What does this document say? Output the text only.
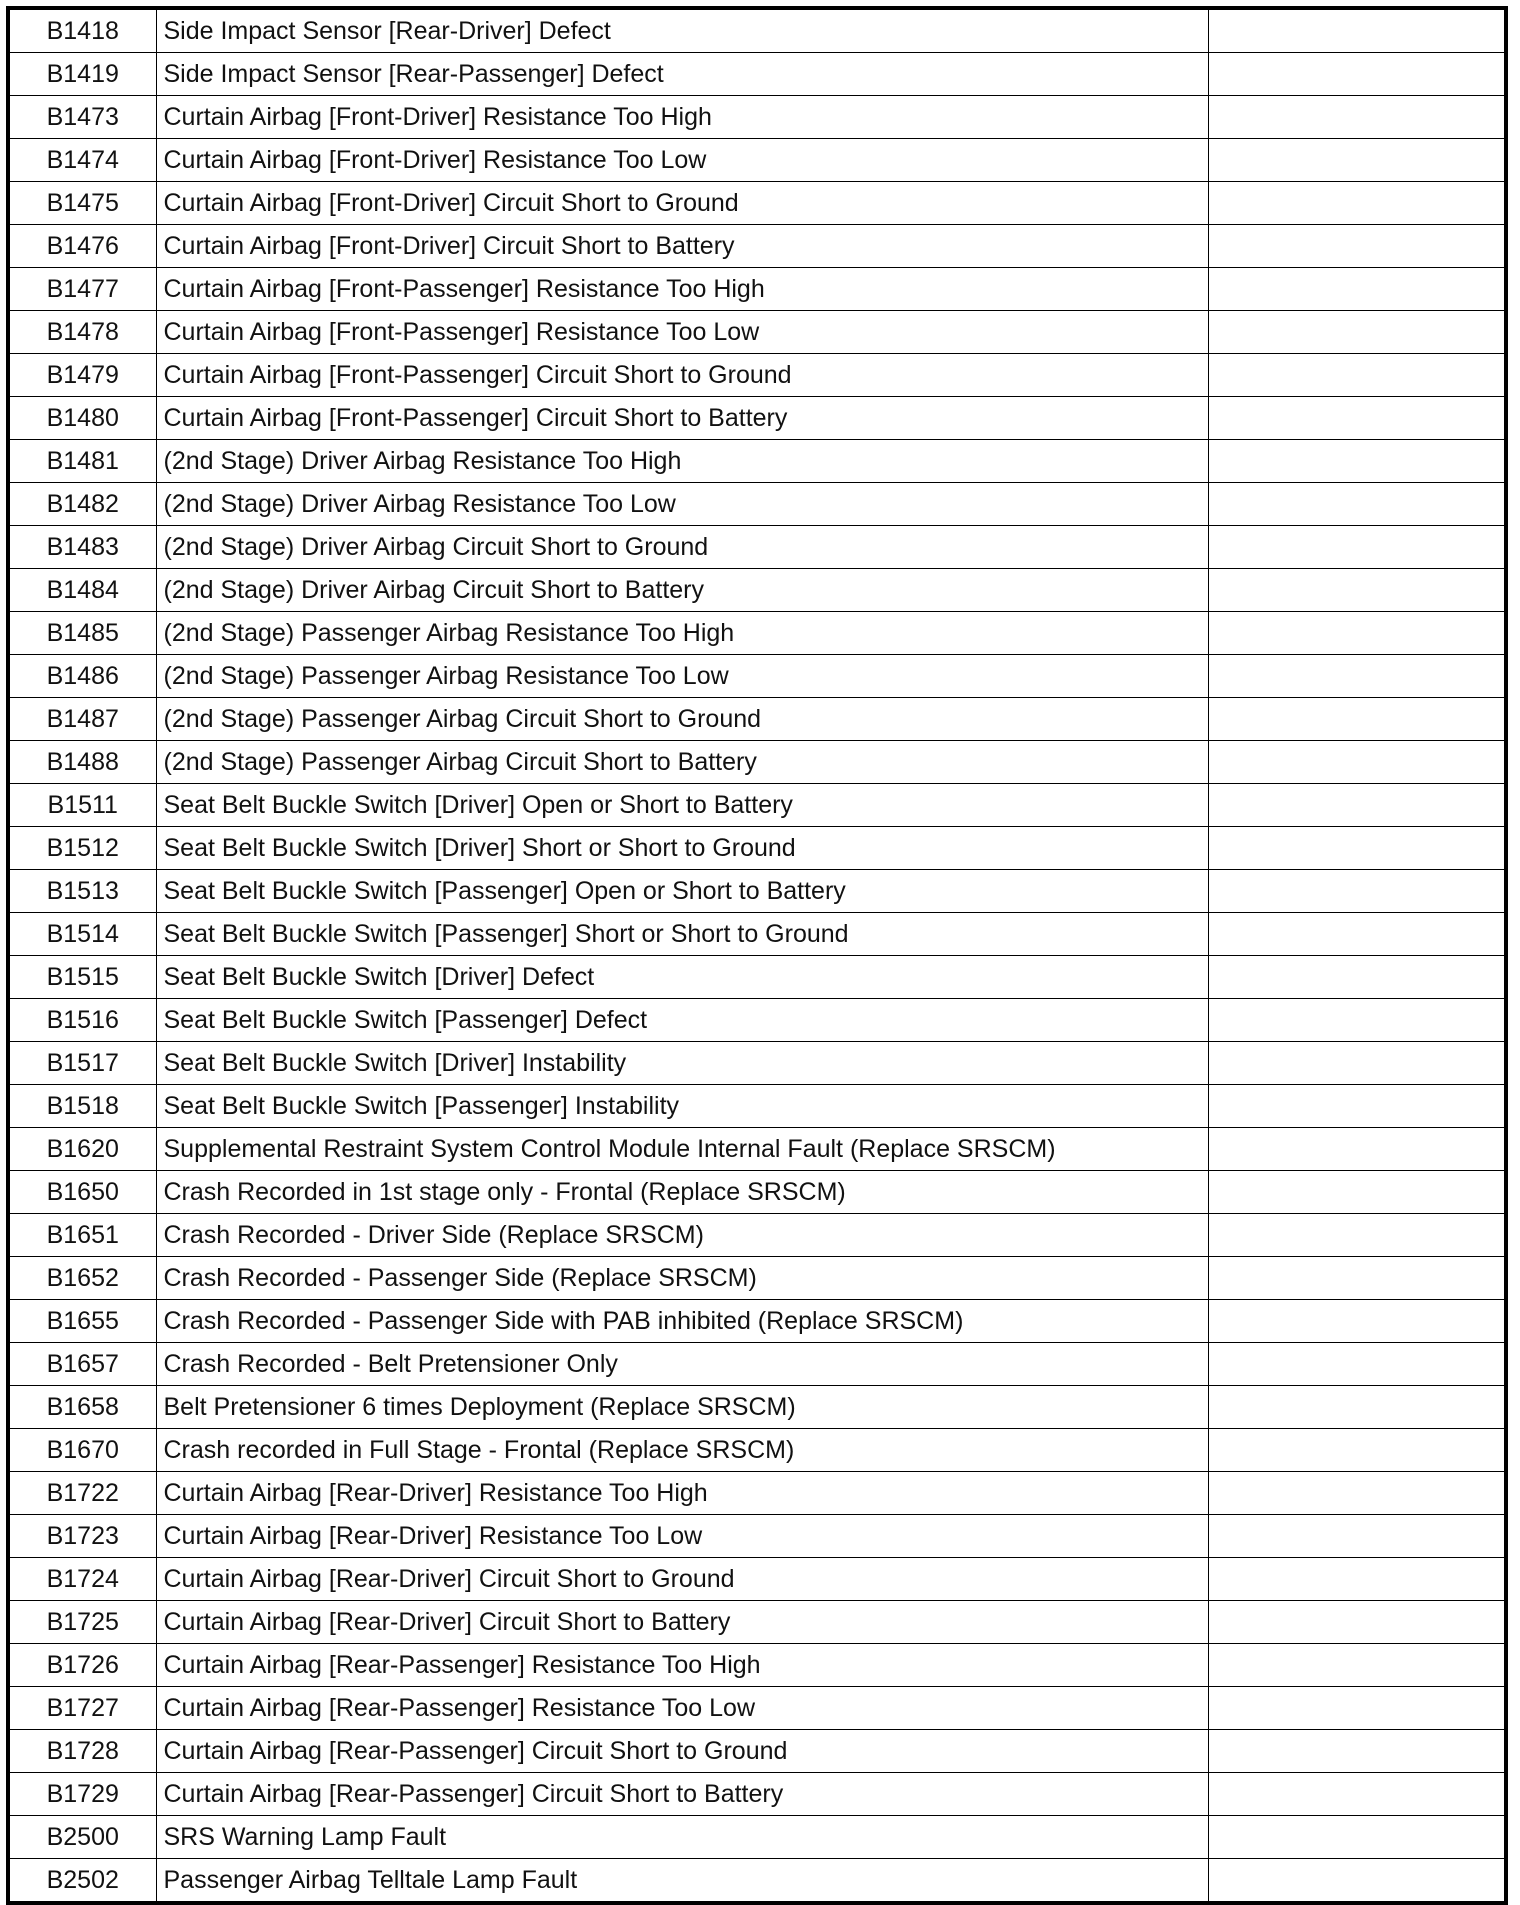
B1418	Side Impact Sensor [Rear-Driver] Defect	
B1419	Side Impact Sensor [Rear-Passenger] Defect	
B1473	Curtain Airbag [Front-Driver] Resistance Too High	
B1474	Curtain Airbag [Front-Driver] Resistance Too Low	
B1475	Curtain Airbag [Front-Driver] Circuit Short to Ground	
B1476	Curtain Airbag [Front-Driver] Circuit Short to Battery	
B1477	Curtain Airbag [Front-Passenger] Resistance Too High	
B1478	Curtain Airbag [Front-Passenger] Resistance Too Low	
B1479	Curtain Airbag [Front-Passenger] Circuit Short to Ground	
B1480	Curtain Airbag [Front-Passenger] Circuit Short to Battery	
B1481	(2nd Stage) Driver Airbag Resistance Too High	
B1482	(2nd Stage) Driver Airbag Resistance Too Low	
B1483	(2nd Stage) Driver Airbag Circuit Short to Ground	
B1484	(2nd Stage) Driver Airbag Circuit Short to Battery	
B1485	(2nd Stage) Passenger Airbag Resistance Too High	
B1486	(2nd Stage) Passenger Airbag Resistance Too Low	
B1487	(2nd Stage) Passenger Airbag Circuit Short to Ground	
B1488	(2nd Stage) Passenger Airbag Circuit Short to Battery	
B1511	Seat Belt Buckle Switch [Driver] Open or Short to Battery	
B1512	Seat Belt Buckle Switch [Driver] Short or Short to Ground	
B1513	Seat Belt Buckle Switch [Passenger] Open or Short to Battery	
B1514	Seat Belt Buckle Switch [Passenger] Short or Short to Ground	
B1515	Seat Belt Buckle Switch [Driver] Defect	
B1516	Seat Belt Buckle Switch [Passenger] Defect	
B1517	Seat Belt Buckle Switch [Driver] Instability	
B1518	Seat Belt Buckle Switch [Passenger] Instability	
B1620	Supplemental Restraint System Control Module Internal Fault (Replace SRSCM)	
B1650	Crash Recorded in 1st stage only - Frontal (Replace SRSCM)	
B1651	Crash Recorded - Driver Side (Replace SRSCM)	
B1652	Crash Recorded - Passenger Side (Replace SRSCM)	
B1655	Crash Recorded - Passenger Side with PAB inhibited (Replace SRSCM)	
B1657	Crash Recorded - Belt Pretensioner Only	
B1658	Belt Pretensioner 6 times Deployment (Replace SRSCM)	
B1670	Crash recorded in Full Stage - Frontal (Replace SRSCM)	
B1722	Curtain Airbag [Rear-Driver] Resistance Too High	
B1723	Curtain Airbag [Rear-Driver] Resistance Too Low	
B1724	Curtain Airbag [Rear-Driver] Circuit Short to Ground	
B1725	Curtain Airbag [Rear-Driver] Circuit Short to Battery	
B1726	Curtain Airbag [Rear-Passenger] Resistance Too High	
B1727	Curtain Airbag [Rear-Passenger] Resistance Too Low	
B1728	Curtain Airbag [Rear-Passenger] Circuit Short to Ground	
B1729	Curtain Airbag [Rear-Passenger] Circuit Short to Battery	
B2500	SRS Warning Lamp Fault	
B2502	Passenger Airbag Telltale Lamp Fault	
